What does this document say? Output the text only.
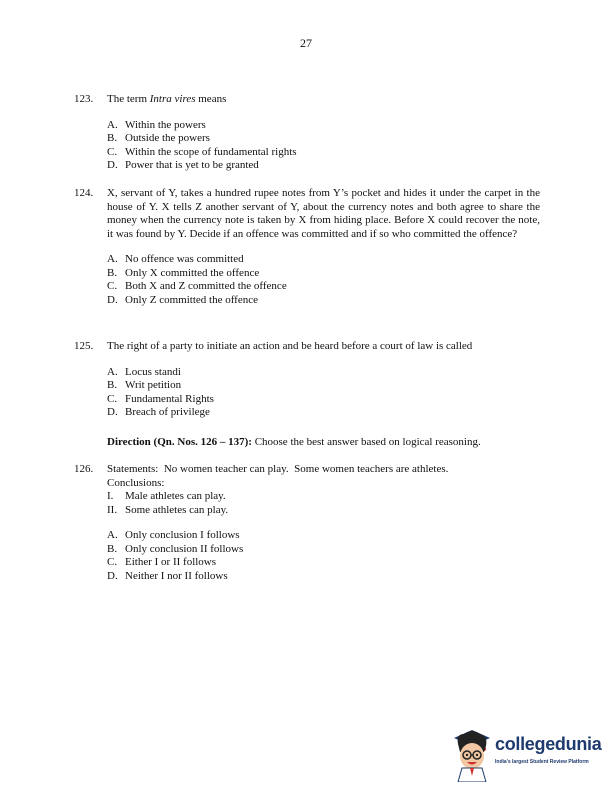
27
123. The term Intra vires means
A. Within the powers
B. Outside the powers
C. Within the scope of fundamental rights
D. Power that is yet to be granted
124. X, servant of Y, takes a hundred rupee notes from Y’s pocket and hides it under the carpet in the house of Y. X tells Z another servant of Y, about the currency notes and both agree to share the money when the currency note is taken by X from hiding place. Before X could recover the note, it was found by Y. Decide if an offence was committed and if so who committed the offence?
A. No offence was committed
B. Only X committed the offence
C. Both X and Z committed the offence
D. Only Z committed the offence
125. The right of a party to initiate an action and be heard before a court of law is called
A. Locus standi
B. Writ petition
C. Fundamental Rights
D. Breach of privilege
Direction (Qn. Nos. 126 – 137): Choose the best answer based on logical reasoning.
126. Statements:  No women teacher can play.  Some women teachers are athletes.
Conclusions:
I. Male athletes can play.
II. Some athletes can play.
A. Only conclusion I follows
B. Only conclusion II follows
C. Either I or II follows
D. Neither I nor II follows
collegedunia
India's largest Student Review Platform
